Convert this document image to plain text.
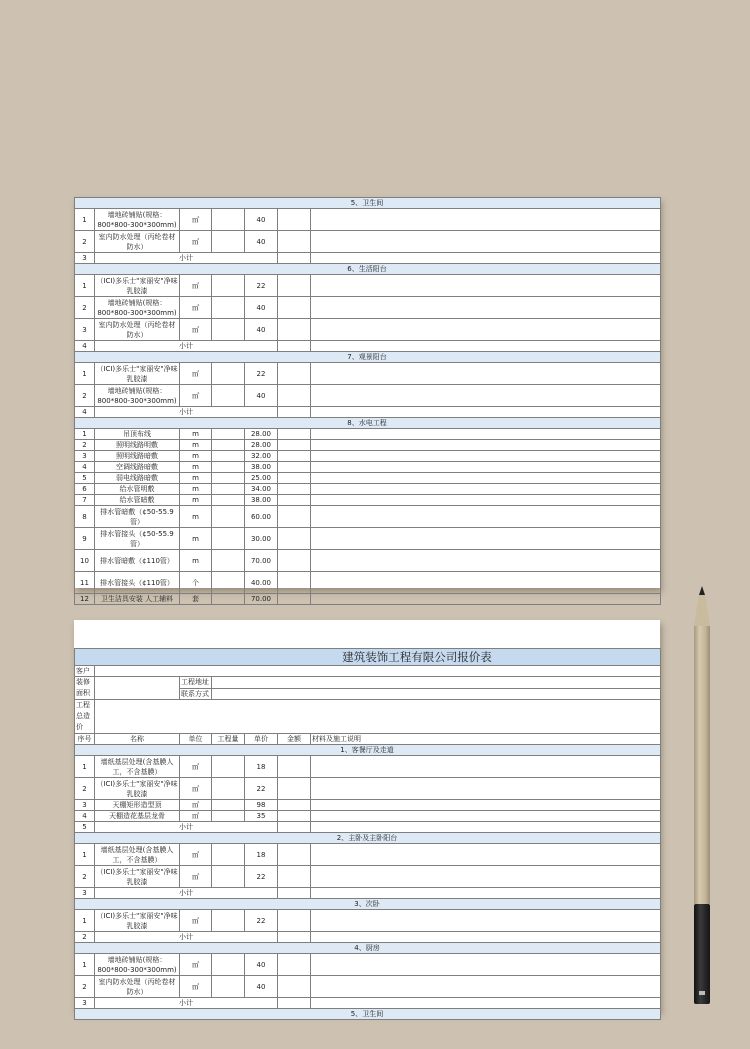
5、卫生间						
1	墙地砖铺贴(规格：800*800-300*300mm)	㎡		40		
2	室内防水处理（丙纶卷材防水）	㎡		40		
3	小计					
6、生活阳台						
1	（ICI)多乐士"家丽安"净味乳胶漆	㎡		22		
2	墙地砖铺贴(规格：800*800-300*300mm)	㎡		40		
3	室内防水处理（丙纶卷材防水）	㎡		40		
4	小计					
7、观景阳台						
1	（ICI)多乐士"家丽安"净味乳胶漆	㎡		22		
2	墙地砖铺贴(规格：800*800-300*300mm)	㎡		40		
4	小计					
8、水电工程						
1	吊顶布线	m		28.00		
2	照明线路明敷	m		28.00		
3	照明线路暗敷	m		32.00		
4	空调线路暗敷	m		38.00		
5	弱电线路暗敷	m		25.00		
6	给水管明敷	m		34.00		
7	给水管暗敷	m		38.00		
8	排水管暗敷（¢50-55.9管）	m		60.00		
9	排水管接头（¢50-55.9管）	m		30.00		
10	排水管暗敷（¢110管）	m		70.00		
11	排水管接头（¢110管）	个		40.00		
12	卫生洁具安装 人工辅料	套		70.00		
建筑装饰工程有限公司报价表						
客户						
装修面积		工程地址				
		联系方式				
工程总造价						
序号	名称	单位	工程量	单价	金额	材料及施工说明
1、客餐厅及走道						
1	墙纸基层处理(含基膜人工，不含基膜）	㎡		18		
2	（ICI)多乐士"家丽安"净味乳胶漆	㎡		22		
3	天棚矩形造型顶	㎡		98		
4	天棚造花基层龙骨	㎡		35		
5	小计					
2、主卧及主卧阳台						
1	墙纸基层处理(含基膜人工，不含基膜）	㎡		18		
2	（ICI)多乐士"家丽安"净味乳胶漆	㎡		22		
3	小计					
3、次卧						
1	（ICI)多乐士"家丽安"净味乳胶漆	㎡		22		
2	小计					
4、厨房						
1	墙地砖铺贴(规格：800*800-300*300mm)	㎡		40		
2	室内防水处理（丙纶卷材防水）	㎡		40		
3	小计					
5、卫生间						
